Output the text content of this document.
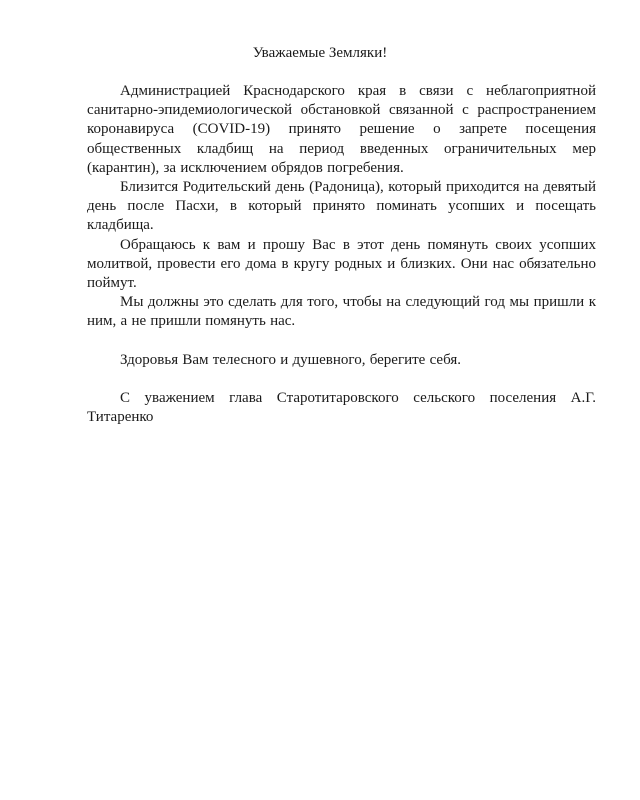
Уважаемые Земляки!

Администрацией Краснодарского края в связи с неблагоприятной санитарно-эпидемиологической обстановкой связанной с распространением коронавируса (COVID-19) принято решение о запрете посещения общественных кладбищ на период введенных ограничительных мер (карантин), за исключением обрядов погребения.

Близится Родительский день (Радоница), который приходится на девятый день после Пасхи, в который принято поминать усопших и посещать кладбища.

Обращаюсь к вам и прошу Вас в этот день помянуть своих усопших молитвой, провести его дома в кругу родных и близких. Они нас обязательно поймут.

Мы должны это сделать для того, чтобы на следующий год мы пришли к ним, а не пришли помянуть нас.

Здоровья Вам телесного и душевного, берегите себя.

С уважением глава Старотитаровского сельского поселения А.Г. Титаренко
